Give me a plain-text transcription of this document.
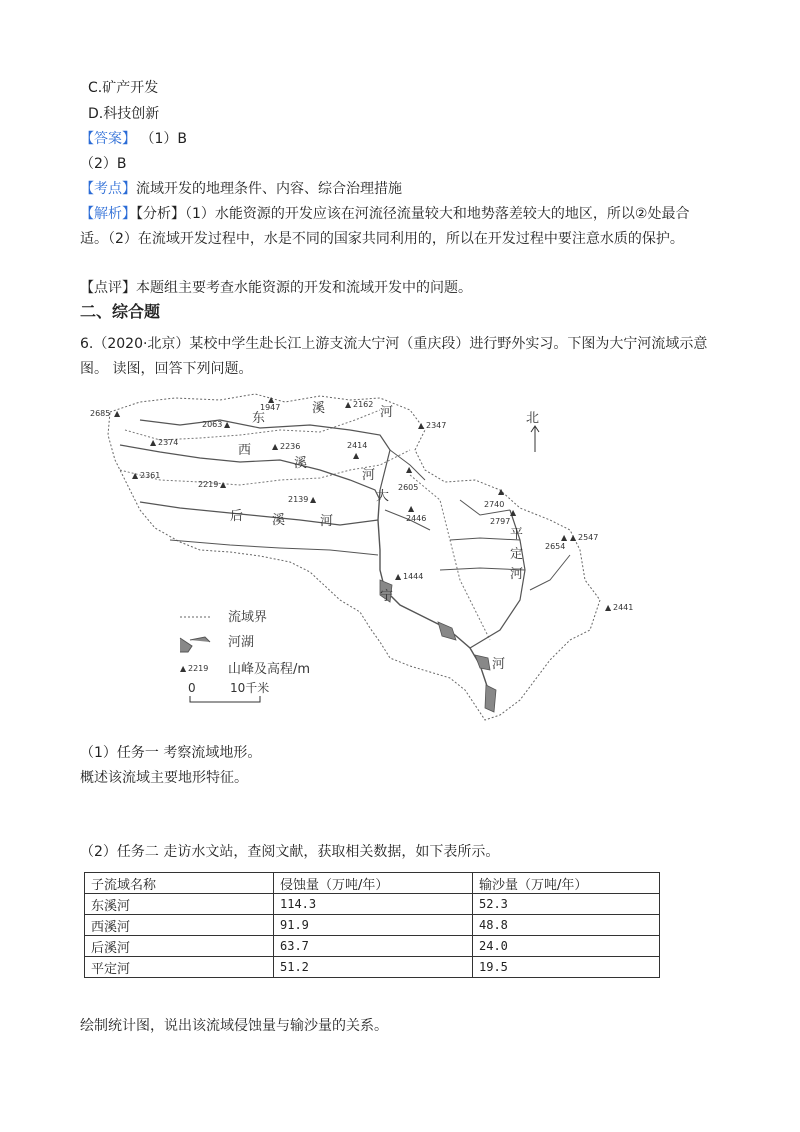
C.矿产开发
D.科技创新
【答案】 （1）B
（2）B
【考点】流域开发的地理条件、内容、综合治理措施
【解析】【分析】（1）水能资源的开发应该在河流径流量较大和地势落差较大的地区，所以②处最合
适。（2）在流域开发过程中，水是不同的国家共同利用的，所以在开发过程中要注意水质的保护。
【点评】本题组主要考查水能资源的开发和流域开发中的问题。
二、综合题
6.（2020·北京）某校中学生赴长江上游支流大宁河（重庆段）进行野外实习。下图为大宁河流域示意
图。 读图，回答下列问题。
东
溪	河
西
溪
河
后 溪	河
大
宁
河
平
定
河
2685 ▲
▲
1947	▲ 2162
2063 ▲
▲ 2374	▲ 2236	2414
▲
▲ 2347
▲ 2361
2219 ▲
2139 ▲
▲
2605
▲
2446
▲
2740
2797
▲
2654
▲ ▲ 2547
▲ 1444
▲ 2441
北
流域界
河湖
▲ 2219 山峰及高程/m
0	10千米
（1）任务一 考察流域地形。
概述该流域主要地形特征。
（2）任务二 走访水文站，查阅文献，获取相关数据，如下表所示。
子流域名称	侵蚀量（万吨/年）	输沙量（万吨/年）
东溪河	114.3	52.3
西溪河	91.9	48.8
后溪河	63.7	24.0
平定河	51.2	19.5
绘制统计图，说出该流域侵蚀量与输沙量的关系。
